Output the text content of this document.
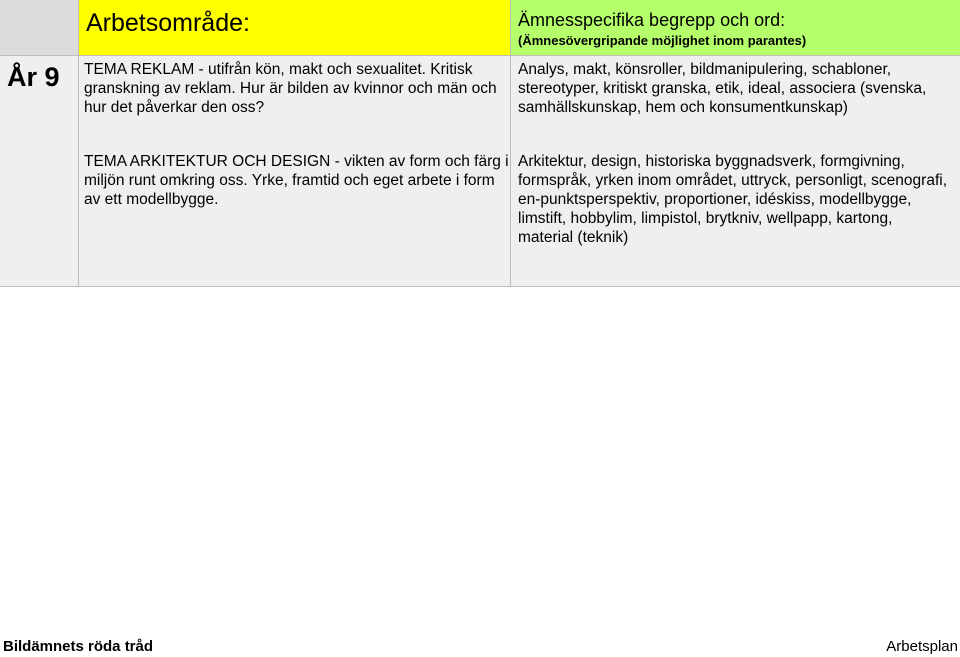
Arbetsområde:	Ämnesspecifika begrepp och ord:
(Ämnesövergripande möjlighet inom parantes)
År 9 TEMA REKLAM - utifrån kön, makt och sexualitet. Kritisk granskning av reklam. Hur är bilden av kvinnor och män och hur det påverkar den oss?
Analys, makt, könsroller, bildmanipulering, schabloner, stereotyper, kritiskt granska, etik, ideal, associera (svenska, samhällskunskap, hem och konsumentkunskap)
TEMA ARKITEKTUR OCH DESIGN - vikten av form och färg i miljön runt omkring oss. Yrke, framtid och eget arbete i form av ett modellbygge.
Arkitektur, design, historiska byggnadsverk, formgivning, formspråk, yrken inom området, uttryck, personligt, scenografi, en-punktsperspektiv, proportioner, idéskiss, modellbygge, limstift, hobbylim, limpistol, brytkniv, wellpapp, kartong, material (teknik)
Bildämnets röda tråd	Arbetsplan
